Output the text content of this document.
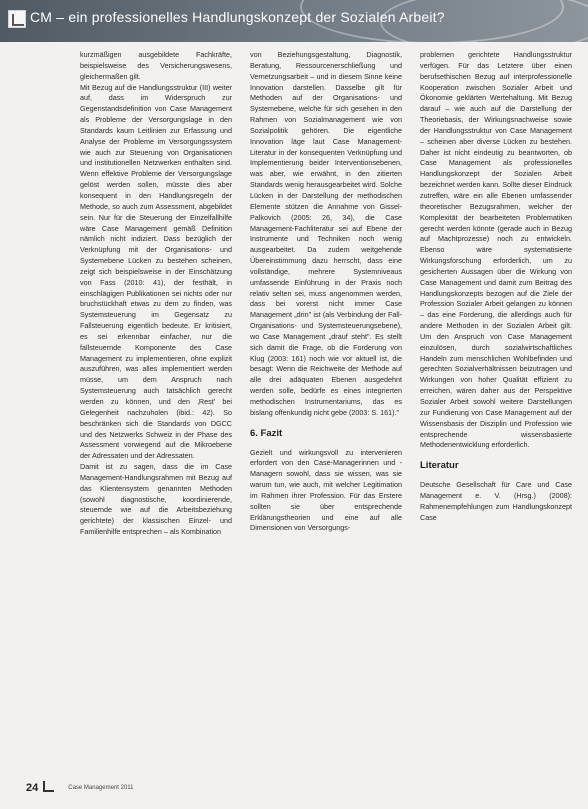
CM – ein professionelles Handlungskonzept der Sozialen Arbeit?

kurzmäßigen ausgebildete Fachkräfte, beispielsweise des Versicherungswesens, gleichermaßen gilt.

Mit Bezug auf die Handlungsstruktur (III) weiter auf, dass im Widerspruch zur Gegenstandsdefinition von Case Management als Probleme der Versorgungslage in den Standards kaum Leitlinien zur Erfassung und Analyse der Probleme im Versorgungssystem wie auch zur Steuerung von Organisationen und institutionellen Netzwerken enthalten sind. Wenn effektive Probleme der Versorgungslage gelöst werden sollen, müsste dies aber konsequent in den Handlungsregeln der Methode, so auch zum Assessment, abgebildet sein. Nur für die Steuerung der Einzelfallhilfe wäre Case Management gemäß Definition nämlich nicht indiziert. Dass bezüglich der Verknüpfung mit der Organisations- und Systemebene Lücken zu bestehen scheinen, zeigt sich beispielsweise in der Einschätzung von Fass (2010: 41), der festhält, in einschlägigen Publikationen sei nichts oder nur bruchstückhaft etwas zu dem zu finden, was Systemsteuerung im Gegensatz zu Fallsteuerung eigentlich bedeute. Er kritisiert, es sei erkennbar einfacher, nur die fallsteuernde Komponente des Case Management zu implementieren, ohne explizit auszuführen, was alles implementiert werden müsse, um dem Anspruch nach Systemsteuerung auch tatsächlich gerecht werden zu können, und den ‚Rest' bei Gelegenheit nachzuholen (ibid.: 42). So beschränken sich die Standards von DGCC und des Netzwerks Schweiz in der Phase des Assessment vorwiegend auf die Mikroebene der Adressaten und der Adressaten.

Damit ist zu sagen, dass die im Case Management-Handlungsrahmen mit Bezug auf das Klientensystem genannten Methoden (sowohl diagnostische, koordinierende, steuernde wie auf die Arbeitsbeziehung gerichtete) der klassischen Einzel- und Familienhilfe entsprechen – als Kombination

von Beziehungsgestaltung, Diagnostik, Beratung, Ressourcenerschließung und Vernetzungsarbeit – und in diesem Sinne keine Innovation darstellen. Dasselbe gilt für Methoden auf der Organisations- und Systemebene, welche für sich gesehen in den Rahmen von Sozialmanagement wie von Sozialpolitik gehören. Die eigentliche Innovation läge laut Case Management-Literatur in der konsequenten Verknüpfung und Implementierung beider Interventionsebenen, was aber, wie erwähnt, in den zitierten Standards wenig herausgearbeitet wird. Solche Lücken in der Darstellung der methodischen Elemente stützen die Annahme von Gissel-Palkovich (2005: 26, 34), die Case Management-Fachliteratur sei auf Ebene der Instrumente und Techniken noch wenig ausgearbeitet. Da zudem weitgehende Übereinstimmung dazu herrscht, dass eine vollständige, mehrere Systemniveaus umfassende Einführung in der Praxis noch relativ selten sei, muss angenommen werden, dass bei vorerst nicht immer Case Management „drin" ist (als Verbindung der Fall- Organisations- und Systemsteuerungsebene), wo Case Management „drauf steht". Es stellt sich damit die Frage, ob die Forderung von Klug (2003: 161) noch wie vor aktuell ist, die besagt: Wenn die Reichweite der Methode auf alle drei adäquaten Ebenen ausgedehnt werden solle, bedürfe es eines integrierten methodischen Instrumentariums, das es bislang offenkundig nicht gebe (2003: S. 161)."

6. Fazit

Gezielt und wirkungsvoll zu intervenieren erfordert von den Case-Managerinnen und -Managern sowohl, dass sie wissen, was sie warum tun, wie auch, mit welcher Legitimation im Rahmen ihrer Profession. Für das Erstere sollten sie über entsprechende Erklärungstheorien und eine auf alle Dimensionen von Versorgungs-

problemen gerichtete Handlungsstruktur verfügen. Für das Letztere über einen berufsethischen Bezug auf interprofessionelle Kooperation zwischen Sozialer Arbeit und Ökonomie geklärten Wertehaltung. Mit Bezug darauf – wie auch auf die Darstellung der Theoriebasis, der Wirkungsnachweise sowie der Handlungsstruktur von Case Management – scheinen aber diverse Lücken zu bestehen. Daher ist nicht eindeutig zu beantworten, ob Case Management als professionelles Handlungskonzept der Sozialen Arbeit bezeichnet werden kann. Sollte dieser Eindruck zutreffen, wäre ein alle Ebenen umfassender theoretischer Bezugsrahmen, welcher der Komplexität der bearbeiteten Problematiken gerecht werden könnte (gerade auch in Bezug auf Machtprozesse) noch zu entwickeln. Ebenso wäre systematisierte Wirkungsforschung erforderlich, um zu gesicherten Aussagen über die Wirkung von Case Management und damit zum Beitrag des Handlungskonzepts bezogen auf die Ziele der Profession Sozialer Arbeit gelangen zu können – das eine Forderung, die allerdings auch für andere Methoden in der Sozialen Arbeit gilt. Um den Anspruch von Case Management einzulösen, durch sozialwirtschaftliches Handeln zum menschlichen Wohlbefinden und gerechten Sozialverhältnissen beizutragen und Wirkungen von hoher Qualität effizient zu erreichen, wären daher aus der Perspektive Sozialer Arbeit sowohl weitere Darstellungen zur Fundierung von Case Management auf der Wissensbasis der Disziplin und Profession wie entsprechende wissensbasierte Methodenentwicklung erforderlich.

Literatur

Deutsche Gesellschaft für Care und Case Management e. V. (Hrsg.) (2008): Rahmenempfehlungen zum Handlungskonzept Case

24	Case Management 2011
